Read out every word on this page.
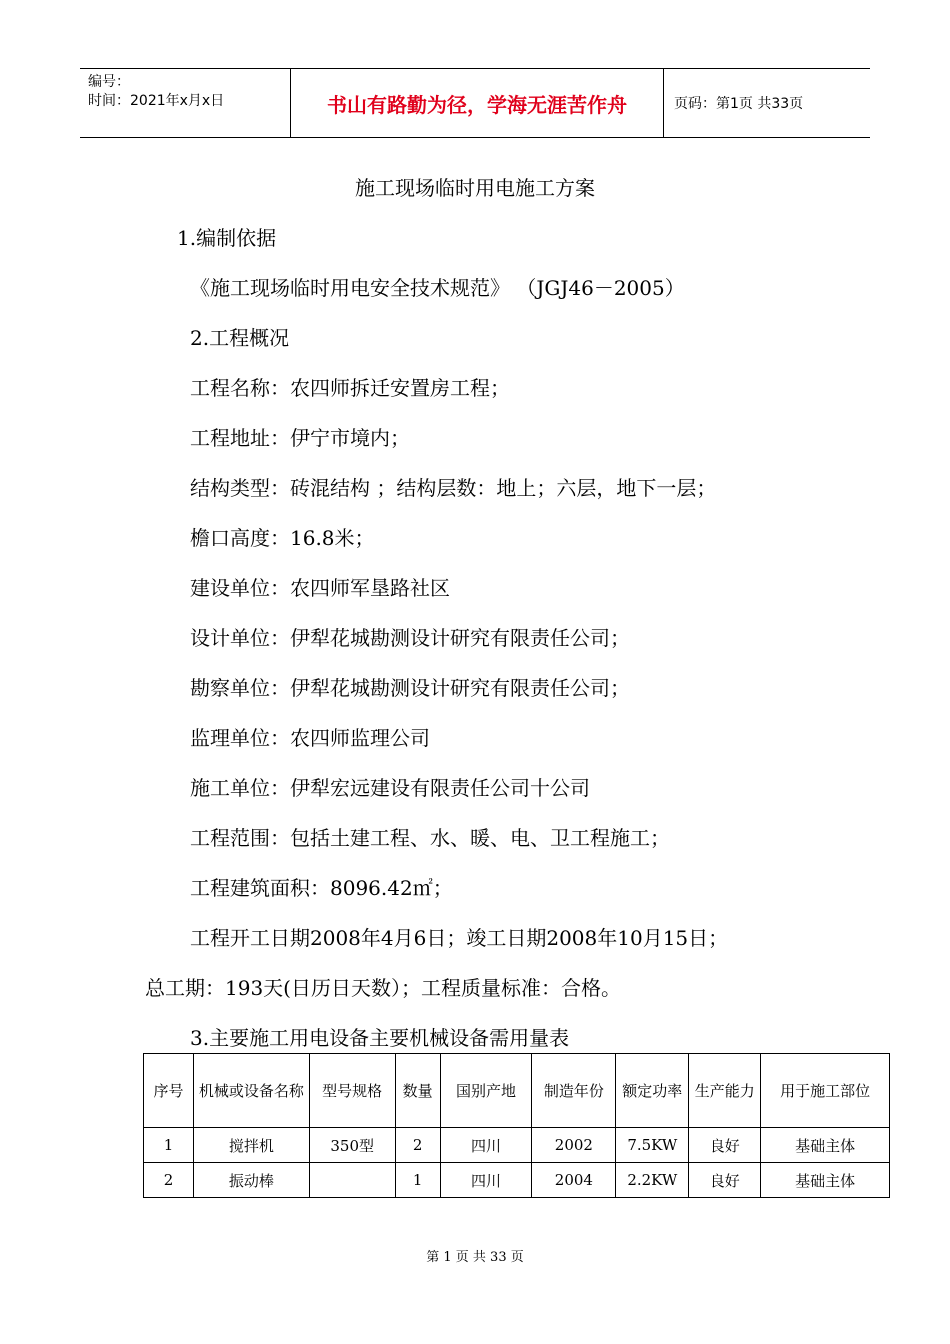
编号：
时间：2021年x月x日	书山有路勤为径，学海无涯苦作舟	页码：第1页 共33页
施工现场临时用电施工方案
1.编制依据
《施工现场临时用电安全技术规范》 （JGJ46－2005）
2.工程概况
工程名称：农四师拆迁安置房工程；
工程地址：伊宁市境内；
结构类型：砖混结构 ；结构层数：地上；六层，地下一层；
檐口高度：16.8米；
建设单位：农四师军垦路社区
设计单位：伊犁花城勘测设计研究有限责任公司；
勘察单位：伊犁花城勘测设计研究有限责任公司；
监理单位：农四师监理公司
施工单位：伊犁宏远建设有限责任公司十公司
工程范围：包括土建工程、水、暖、电、卫工程施工；
工程建筑面积：8096.42㎡；
工程开工日期2008年4月6日；竣工日期2008年10月15日；
总工期：193天(日历日天数）；工程质量标准：合格。
3.主要施工用电设备主要机械设备需用量表
序号	机械或设备名称	型号规格	数量	国别产地	制造年份	额定功率	生产能力	用于施工部位
1	搅拌机	350型	2	四川	2002	7.5KW	良好	基础主体
2	振动棒		1	四川	2004	2.2KW	良好	基础主体
第 1 页 共 33 页
